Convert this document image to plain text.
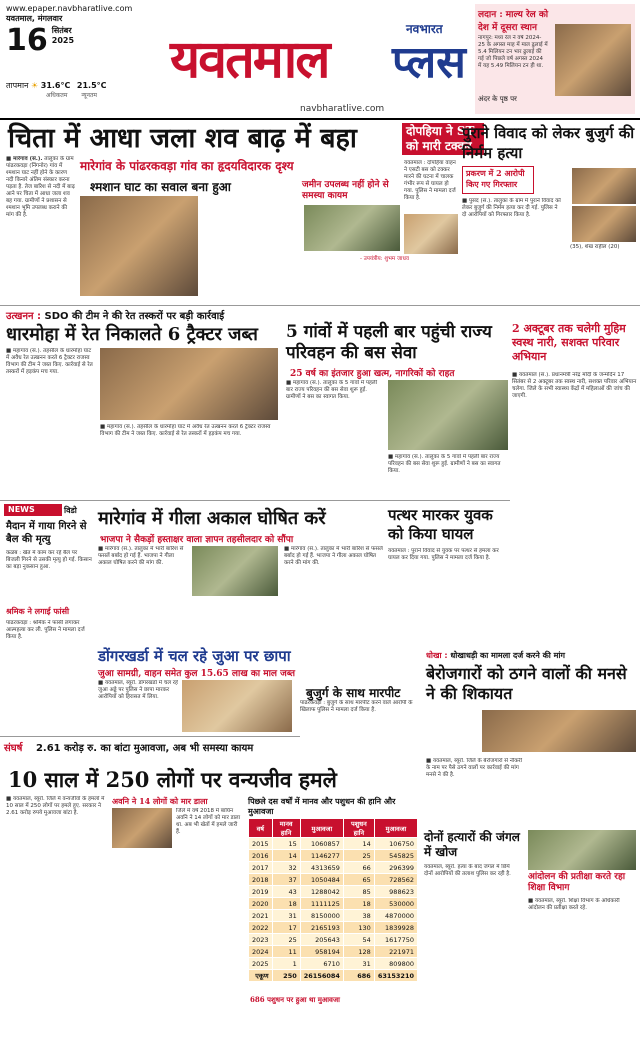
www.epaper.navbharatlive.com
यवतमाल, मंगलवार
16 सितंबर
2025
तापमान ☀ 31.6°C 21.5°C
अधिकतम न्यूनतम
यवतमाल	नवभारत
प्लस
navbharatlive.com
लदान : माल्‍य रेल को देश में दूसरा स्थान
नागपुर: मध्य रेल ने वर्ष 2024-25 के अगस्त माह में माल ढुलाई में 5.4 मिलियन टन भार ढुलाई की गई जो पिछले वर्ष अगस्त 2024 में यह 5.49 मिलियन टन ही था.
अंदर के पृष्ठ पर
चिता में आधा जला शव बाढ़ में बहा
मारेगांव के पांढरकवड़ा गांव का हृदयविदारक दृश्य
■ मारेगांव (सं.). तालुका के ग्राम पांढरकवड़ा (निंगनोर) गांव में श्मशान घाट नहीं होने के कारण नदी किनारे अंतिम संस्कार करना पड़ता है. तेज बारिश से नदी में बाढ़ आने पर चिता में आधा जला शव बह गया. ग्रामीणों ने प्रशासन से श्मशान भूमि उपलब्ध कराने की मांग की है.
श्मशान घाट का सवाल बना हुआ
- उपयंत्रीय: शुभम जाधव
जमीन उपलब्ध नहीं होने से समस्या कायम
दोपहिया ने ST को मारी टक्कर
यवतमाल : दोपहिया वाहन ने एसटी बस को टक्कर मारने की घटना में चालक गंभीर रूप से घायल हो गया. पुलिस ने मामला दर्ज किया है.
पुराने विवाद को लेकर बुजुर्ग की निर्मम हत्या
प्रकरण में 2 आरोपी किए गए गिरफ्तार
■ पुसद (सं.). तालुका के ग्राम में पुराने विवाद को लेकर बुजुर्ग की निर्मम हत्या कर दी गई. पुलिस ने दो आरोपियों को गिरफ्तार किया है.
(35), शेख राहील (20)
उत्खनन : SDO की टीम ने की रेत तस्करों पर बड़ी कार्रवाई
धारमोहा में रेत निकालते 6 ट्रैक्टर जब्त
■ महागांव (सं.). तहसील के धारमोहा घाट में अवैध रेत उत्खनन करते 6 ट्रैक्टर राजस्व विभाग की टीम ने जब्त किए. कार्रवाई से रेत तस्करों में हड़कंप मच गया.
■ महागांव (सं.). तहसील के धारमोहा घाट में अवैध रेत उत्खनन करते 6 ट्रैक्टर राजस्व विभाग की टीम ने जब्त किए. कार्रवाई से रेत तस्करों में हड़कंप मच गया.
5 गांवों में पहली बार पहुंची राज्य परिवहन की बस सेवा
25 वर्ष का इंतजार हुआ खत्म, नागरिकों को राहत
■ महागांव (सं.). तालुका के 5 गांवों में पहली बार राज्य परिवहन की बस सेवा शुरू हुई. ग्रामीणों ने बस का स्वागत किया.
■ महागांव (सं.). तालुका के 5 गांवों में पहली बार राज्य परिवहन की बस सेवा शुरू हुई. ग्रामीणों ने बस का स्वागत किया.
2 अक्टूबर तक चलेगी मुहिम स्वस्थ नारी, सशक्त परिवार अभियान
■ यवतमाल (सं.). प्रधानमंत्री नरेंद्र मोदी के जन्मदिन 17 सितंबर से 2 अक्टूबर तक स्वस्थ नारी, सशक्त परिवार अभियान चलेगा. जिले के सभी स्वास्थ्य केंद्रों में महिलाओं की जांच की जाएगी.
NEWS	विडो
मैदान में गाया गिरने से बैल की मृत्यु
कळंब : खेत में काम कर रहे बैल पर बिजली गिरने से उसकी मृत्यु हो गई. किसान का बड़ा नुकसान हुआ.
श्रमिक ने लगाई फांसी
पांढरकवड़ा : श्रमिक ने फांसी लगाकर आत्महत्या कर ली. पुलिस ने मामला दर्ज किया है.
मारेगांव में गीला अकाल घोषित करें
भाजपा ने सैकड़ों हस्ताक्षर वाला ज्ञापन तहसीलदार को सौंपा
■ मारेगांव (सं.). तालुका में भारी बारिश से फसलें बर्बाद हो गई हैं. भाजपा ने गीला अकाल घोषित करने की मांग की.
■ मारेगांव (सं.). तालुका में भारी बारिश से फसलें बर्बाद हो गई हैं. भाजपा ने गीला अकाल घोषित करने की मांग की.
पत्थर मारकर युवक को किया घायल
यवतमाल : पुराने विवाद से युवक पर पत्थर से हमला कर घायल कर दिया गया. पुलिस ने मामला दर्ज किया है.
डोंगरखर्डा में चल रहे जुआ पर छापा
जुआ सामग्री, वाहन समेत कुल 15.65 लाख का माल जब्त
■ यवतमाल, ब्यूरो. डोंगरखर्डा में चल रहे जुआ अड्डे पर पुलिस ने छापा मारकर आरोपियों को हिरासत में लिया.	बुजुर्ग के साथ मारपीट
पांढरकवड़ा : बुजुर्ग के साथ मारपीट करने वाले आरोपी के खिलाफ पुलिस ने मामला दर्ज किया है.
धोखा : धोखाधड़ी का मामला दर्ज करने की मांग
बेरोजगारों को ठगने वालों की मनसे ने की शिकायत
■ यवतमाल, ब्यूरो. जिले के बेरोजगारों से नौकरी के नाम पर पैसे ठगने वालों पर कार्रवाई की मांग मनसे ने की है.
संघर्ष 2.61 करोड़ रु. का बांटा मुआवजा, अब भी समस्या कायम
10 साल में 250 लोगों पर वन्यजीव हमले
■ यवतमाल, ब्यूरो. जिले में वन्यजीवों के हमलों में 10 साल में 250 लोगों पर हमले हुए. सरकार ने 2.61 करोड़ रुपये मुआवजा बांटा है.
अवनि ने 14 लोगों को मार डाला
जिले में वर्ष 2018 में बाघिन अवनि ने 14 लोगों को मार डाला था. अब भी खेतों में हमले जारी हैं.
पिछले दस वर्षों में मानव और पशुधन की हानि और मुआवजा
वर्ष	मानव हानि	मुआवजा	पशुधन हानि	मुआवजा
2015	15	1060857	14	106750
2016	14	1146277	25	545825
2017	32	4313659	66	296399
2018	37	1050484	65	728562
2019	43	1288042	85	988623
2020	18	1111125	18	530000
2021	31	8150000	38	4870000
2022	17	2165193	130	1839928
2023	25	205643	54	1617750
2024	11	958194	128	221971
2025	1	6710	31	809800
एकूण	250	26156084	686	63153210
686 पशुधन पर हुआ था मुआवजा
दोनों हत्यारों की जंगल में खोज
यवतमाल, ब्यूरो. हत्या के बाद जंगल में छिपे दोनों आरोपियों की तलाश पुलिस कर रही है.	आंदोलन की प्रतीक्षा करते रहा शिक्षा विभाग
■ यवतमाल, ब्यूरो. शिक्षा विभाग के अधिकारी आंदोलन की प्रतीक्षा करते रहे.
